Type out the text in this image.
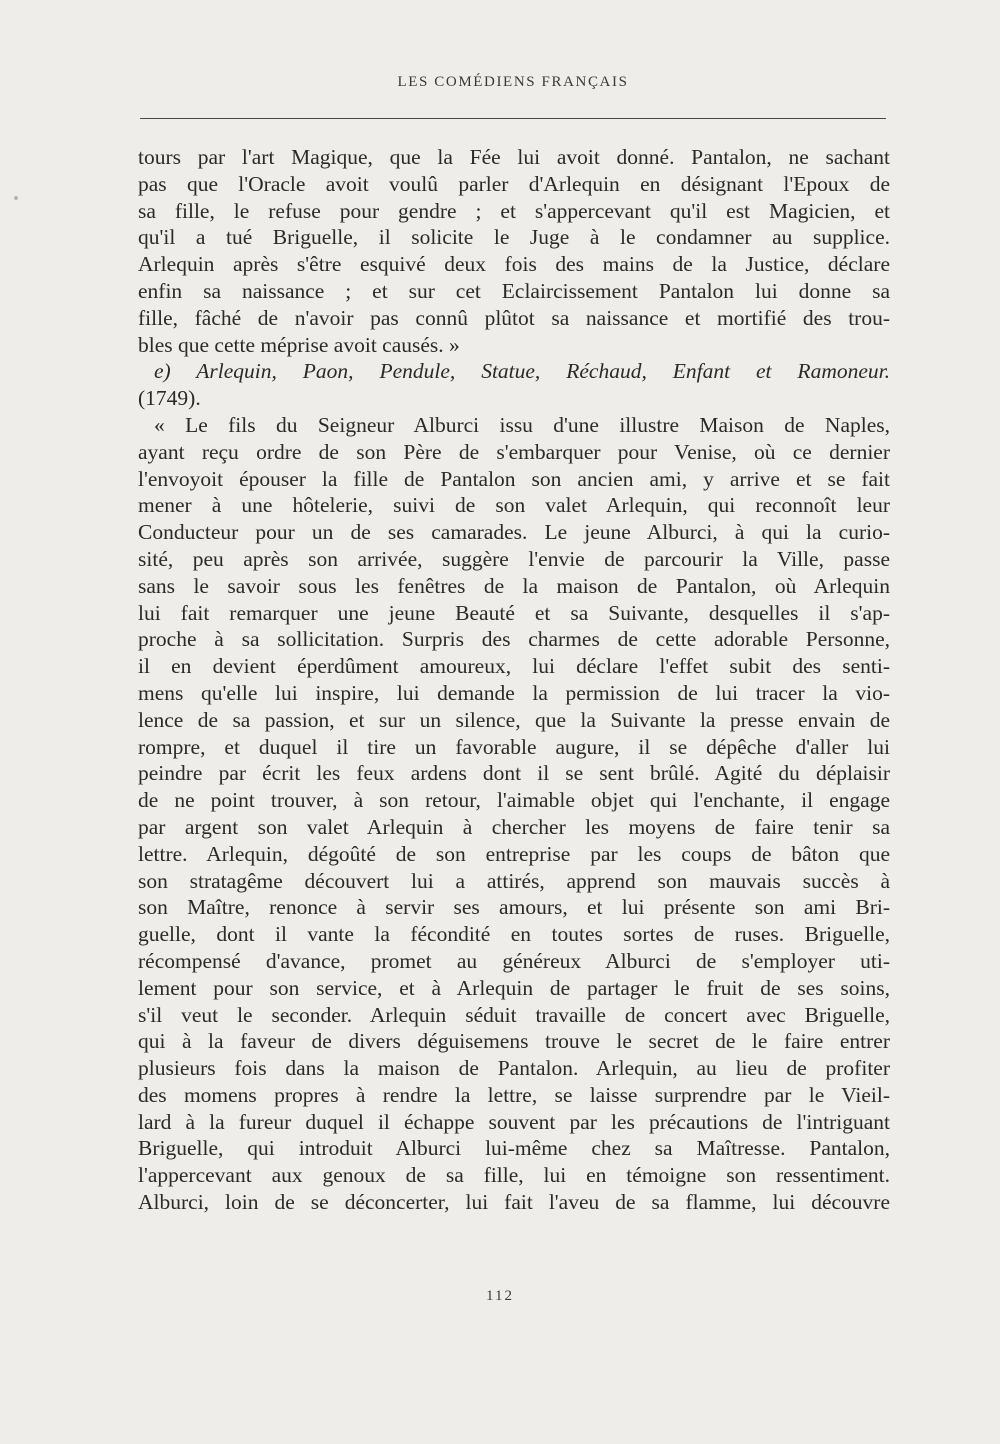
LES COMÉDIENS FRANÇAIS
tours par l'art Magique, que la Fée lui avoit donné. Pantalon, ne sachant
pas que l'Oracle avoit voulû parler d'Arlequin en désignant l'Epoux de
sa fille, le refuse pour gendre ; et s'appercevant qu'il est Magicien, et
qu'il a tué Briguelle, il solicite le Juge à le condamner au supplice.
Arlequin après s'être esquivé deux fois des mains de la Justice, déclare
enfin sa naissance ; et sur cet Eclaircissement Pantalon lui donne sa
fille, fâché de n'avoir pas connû plûtot sa naissance et mortifié des trou-
bles que cette méprise avoit causés. »
e) Arlequin, Paon, Pendule, Statue, Réchaud, Enfant et Ramoneur.
(1749).
« Le fils du Seigneur Alburci issu d'une illustre Maison de Naples,
ayant reçu ordre de son Père de s'embarquer pour Venise, où ce dernier
l'envoyoit épouser la fille de Pantalon son ancien ami, y arrive et se fait
mener à une hôtelerie, suivi de son valet Arlequin, qui reconnoît leur
Conducteur pour un de ses camarades. Le jeune Alburci, à qui la curio-
sité, peu après son arrivée, suggère l'envie de parcourir la Ville, passe
sans le savoir sous les fenêtres de la maison de Pantalon, où Arlequin
lui fait remarquer une jeune Beauté et sa Suivante, desquelles il s'ap-
proche à sa sollicitation. Surpris des charmes de cette adorable Personne,
il en devient éperdûment amoureux, lui déclare l'effet subit des senti-
mens qu'elle lui inspire, lui demande la permission de lui tracer la vio-
lence de sa passion, et sur un silence, que la Suivante la presse envain de
rompre, et duquel il tire un favorable augure, il se dépêche d'aller lui
peindre par écrit les feux ardens dont il se sent brûlé. Agité du déplaisir
de ne point trouver, à son retour, l'aimable objet qui l'enchante, il engage
par argent son valet Arlequin à chercher les moyens de faire tenir sa
lettre. Arlequin, dégoûté de son entreprise par les coups de bâton que
son stratagême découvert lui a attirés, apprend son mauvais succès à
son Maître, renonce à servir ses amours, et lui présente son ami Bri-
guelle, dont il vante la fécondité en toutes sortes de ruses. Briguelle,
récompensé d'avance, promet au généreux Alburci de s'employer uti-
lement pour son service, et à Arlequin de partager le fruit de ses soins,
s'il veut le seconder. Arlequin séduit travaille de concert avec Briguelle,
qui à la faveur de divers déguisemens trouve le secret de le faire entrer
plusieurs fois dans la maison de Pantalon. Arlequin, au lieu de profiter
des momens propres à rendre la lettre, se laisse surprendre par le Vieil-
lard à la fureur duquel il échappe souvent par les précautions de l'intriguant
Briguelle, qui introduit Alburci lui-même chez sa Maîtresse. Pantalon,
l'appercevant aux genoux de sa fille, lui en témoigne son ressentiment.
Alburci, loin de se déconcerter, lui fait l'aveu de sa flamme, lui découvre
112
